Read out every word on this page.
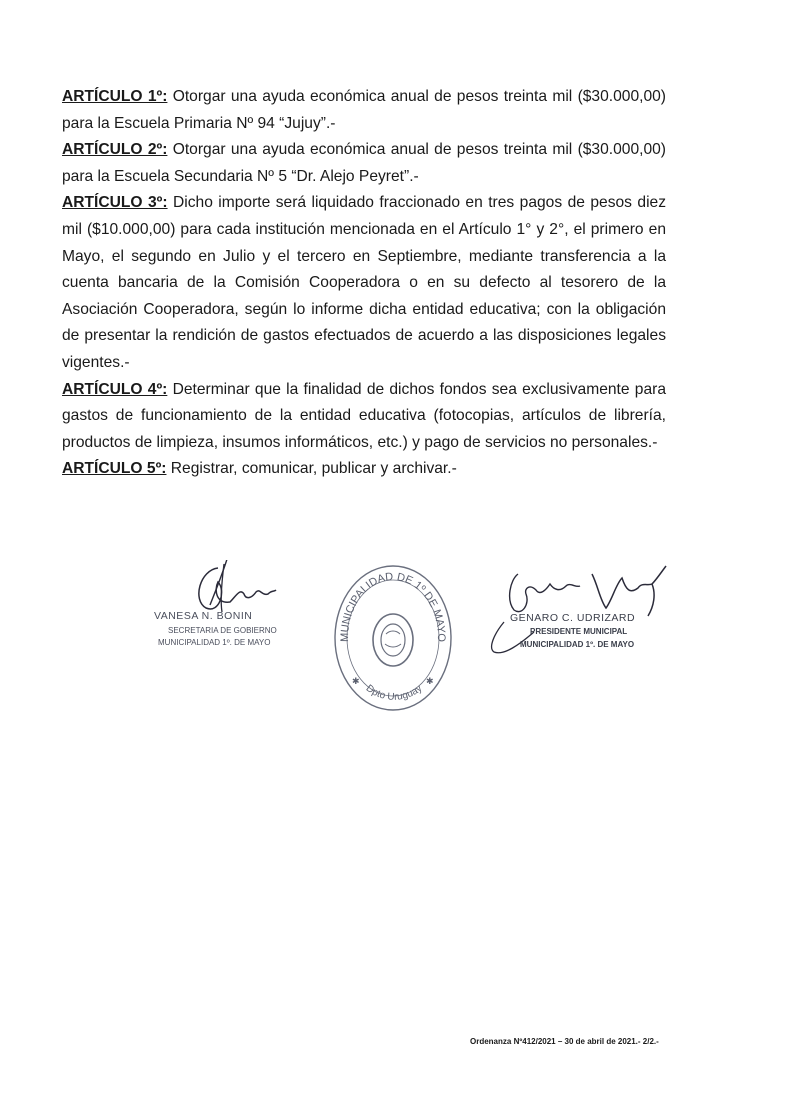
ARTÍCULO 1º: Otorgar una ayuda económica anual de pesos treinta mil ($30.000,00) para la Escuela Primaria Nº 94 “Jujuy”.-

ARTÍCULO 2º: Otorgar una ayuda económica anual de pesos treinta mil ($30.000,00) para la Escuela Secundaria Nº 5 “Dr. Alejo Peyret”.-

ARTÍCULO 3º: Dicho importe será liquidado fraccionado en tres pagos de pesos diez mil ($10.000,00) para cada institución mencionada en el Artículo 1° y 2°, el primero en Mayo, el segundo en Julio y el tercero en Septiembre, mediante transferencia a la cuenta bancaria de la Comisión Cooperadora o en su defecto al tesorero de la Asociación Cooperadora, según lo informe dicha entidad educativa; con la obligación de presentar la rendición de gastos efectuados de acuerdo a las disposiciones legales vigentes.-

ARTÍCULO 4º: Determinar que la finalidad de dichos fondos sea exclusivamente para gastos de funcionamiento de la entidad educativa (fotocopias, artículos de librería, productos de limpieza, insumos informáticos, etc.) y pago de servicios no personales.-

ARTÍCULO 5º: Registrar, comunicar, publicar y archivar.-

VANESA N. BONIN
SECRETARIA DE GOBIERNO
MUNICIPALIDAD 1º. DE MAYO
MUNICIPALIDAD DE 1º DE MAYO
Dpto Uruguay
✱	✱
GENARO C. UDRIZARD
PRESIDENTE MUNICIPAL
MUNICIPALIDAD 1º. DE MAYO
Ordenanza Nº412/2021 – 30 de abril de 2021.- 2/2.-
